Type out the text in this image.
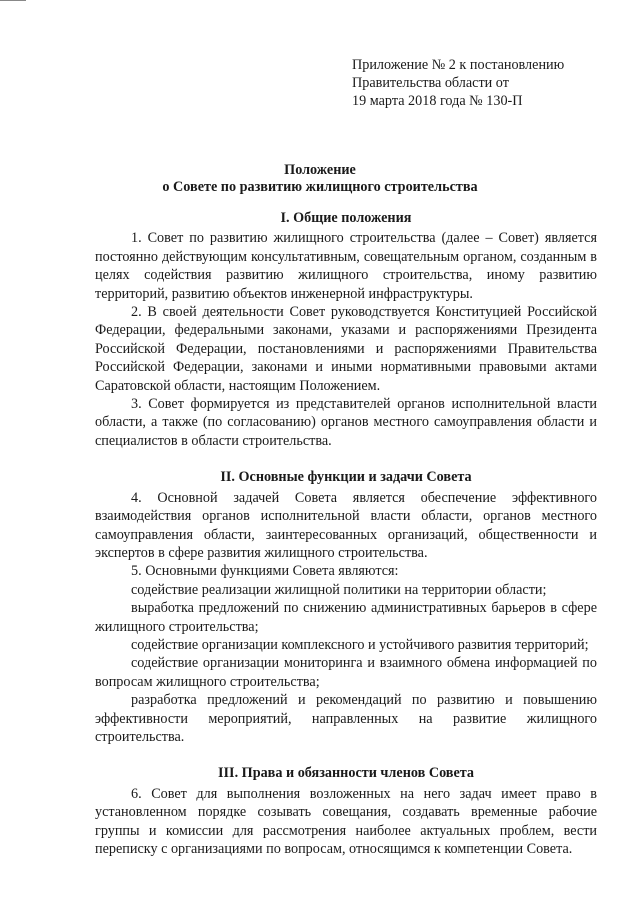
Приложение № 2 к постановлению
Правительства области от
19 марта 2018 года № 130-П
Положение
о Совете по развитию жилищного строительства
I. Общие положения

1. Совет по развитию жилищного строительства (далее – Совет) является постоянно действующим консультативным, совещательным органом, созданным в целях содействия развитию жилищного строительства, иному развитию территорий, развитию объектов инженерной инфраструктуры.

2. В своей деятельности Совет руководствуется Конституцией Российской Федерации, федеральными законами, указами и распоряжениями Президента Российской Федерации, постановлениями и распоряжениями Правительства Российской Федерации, законами и иными нормативными правовыми актами Саратовской области, настоящим Положением.

3. Совет формируется из представителей органов исполнительной власти области, а также (по согласованию) органов местного самоуправления области и специалистов в области строительства.

II. Основные функции и задачи Совета

4. Основной задачей Совета является обеспечение эффективного взаимодействия органов исполнительной власти области, органов местного самоуправления области, заинтересованных организаций, общественности и экспертов в сфере развития жилищного строительства.

5. Основными функциями Совета являются:

содействие реализации жилищной политики на территории области;

выработка предложений по снижению административных барьеров в сфере жилищного строительства;

содействие организации комплексного и устойчивого развития территорий;

содействие организации мониторинга и взаимного обмена информацией по вопросам жилищного строительства;

разработка предложений и рекомендаций по развитию и повышению эффективности мероприятий, направленных на развитие жилищного строительства.

III. Права и обязанности членов Совета

6. Совет для выполнения возложенных на него задач имеет право в установленном порядке созывать совещания, создавать временные рабочие группы и комиссии для рассмотрения наиболее актуальных проблем, вести переписку с организациями по вопросам, относящимся к компетенции Совета.
